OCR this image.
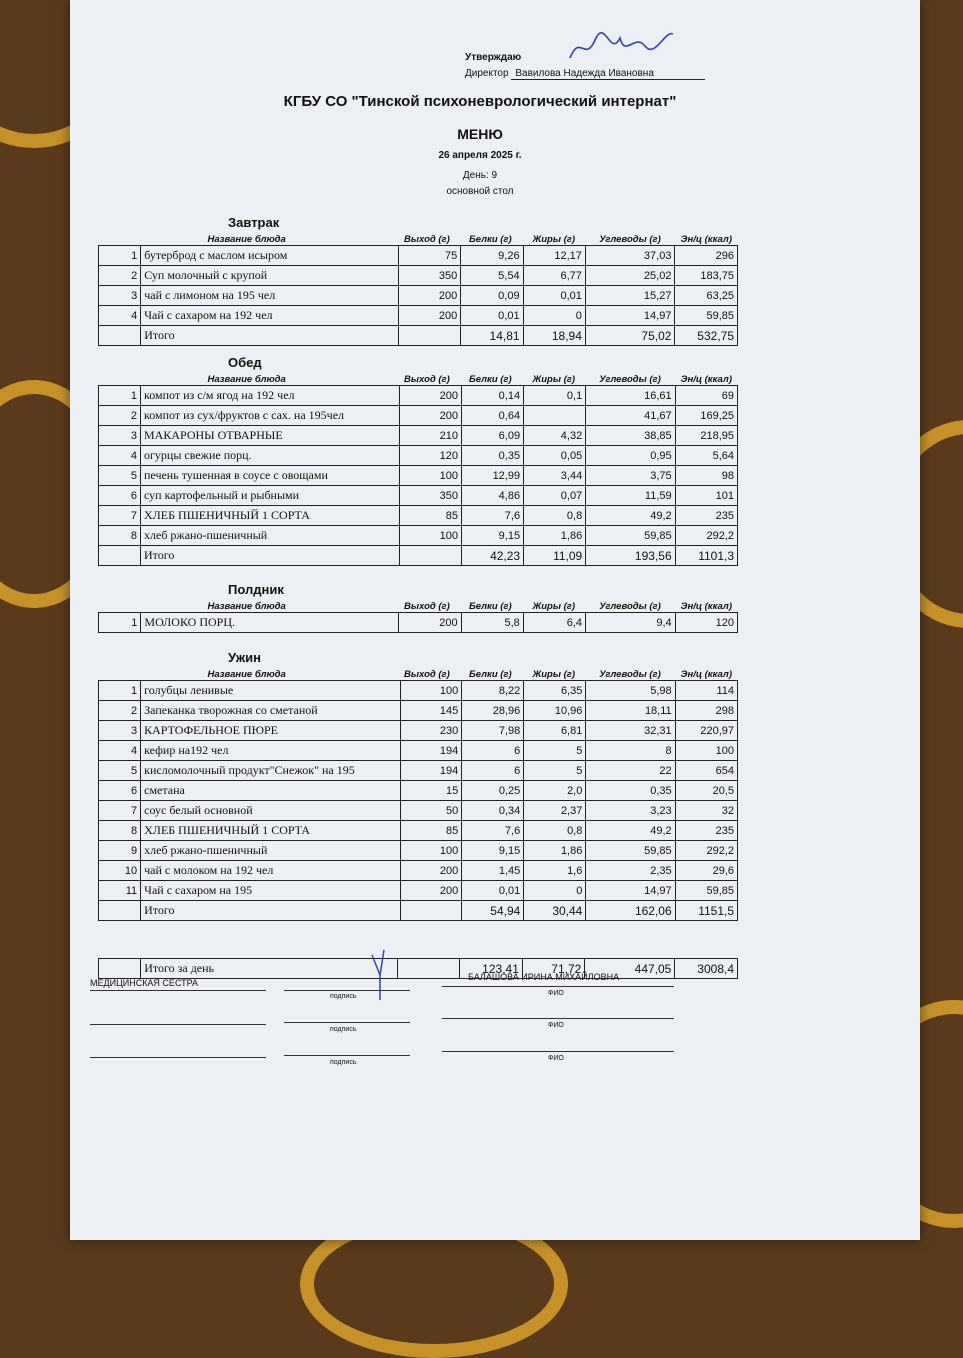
Утверждаю
Директор Вавилова Надежда Ивановна
КГБУ СО "Тинской психоневрологический интернат"
МЕНЮ
26 апреля 2025 г.
День: 9
основной стол
Завтрак
Название блюда	Выход (г)	Белки (г)	Жиры (г)	Углеводы (г)	Эн/ц (ккал)
1	бутерброд с маслом исыром	75	9,26	12,17	37,03	296
2	Суп молочный с крупой	350	5,54	6,77	25,02	183,75
3	чай с лимоном на 195 чел	200	0,09	0,01	15,27	63,25
4	Чай с сахаром на 192 чел	200	0,01	0	14,97	59,85
	Итого		14,81	18,94	75,02	532,75
Обед
Название блюда	Выход (г)	Белки (г)	Жиры (г)	Углеводы (г)	Эн/ц (ккал)
1	компот из с/м ягод на 192 чел	200	0,14	0,1	16,61	69
2	компот из сух/фруктов с сах. на 195чел	200	0,64		41,67	169,25
3	МАКАРОНЫ ОТВАРНЫЕ	210	6,09	4,32	38,85	218,95
4	огурцы свежие порц.	120	0,35	0,05	0,95	5,64
5	печень тушенная в соусе с овощами	100	12,99	3,44	3,75	98
6	суп картофельный и рыбными	350	4,86	0,07	11,59	101
7	ХЛЕБ ПШЕНИЧНЫЙ 1 СОРТА	85	7,6	0,8	49,2	235
8	хлеб ржано-пшеничный	100	9,15	1,86	59,85	292,2
	Итого		42,23	11,09	193,56	1101,3
Полдник
Название блюда	Выход (г)	Белки (г)	Жиры (г)	Углеводы (г)	Эн/ц (ккал)
1	МОЛОКО ПОРЦ.	200	5,8	6,4	9,4	120
Ужин
Название блюда	Выход (г)	Белки (г)	Жиры (г)	Углеводы (г)	Эн/ц (ккал)
1	голубцы ленивые	100	8,22	6,35	5,98	114
2	Запеканка творожная со сметаной	145	28,96	10,96	18,11	298
3	КАРТОФЕЛЬНОЕ ПЮРЕ	230	7,98	6,81	32,31	220,97
4	кефир на192 чел	194	6	5	8	100
5	кисломолочный продукт"Снежок" на 195	194	6	5	22	654
6	сметана	15	0,25	2,0	0,35	20,5
7	соус белый основной	50	0,34	2,37	3,23	32
8	ХЛЕБ ПШЕНИЧНЫЙ 1 СОРТА	85	7,6	0,8	49,2	235
9	хлеб ржано-пшеничный	100	9,15	1,86	59,85	292,2
10	чай с молоком на 192 чел	200	1,45	1,6	2,35	29,6
11	Чай с сахаром на 195	200	0,01	0	14,97	59,85
	Итого		54,94	30,44	162,06	1151,5
	Итого за день		123,41	71,72	447,05	3008,4
МЕДИЦИНСКАЯ СЕСТРА
БАЛАШОВА ИРИНА МИХАЙЛОВНА
подпись	ФИО
подпись
ФИО
подпись
ФИО
